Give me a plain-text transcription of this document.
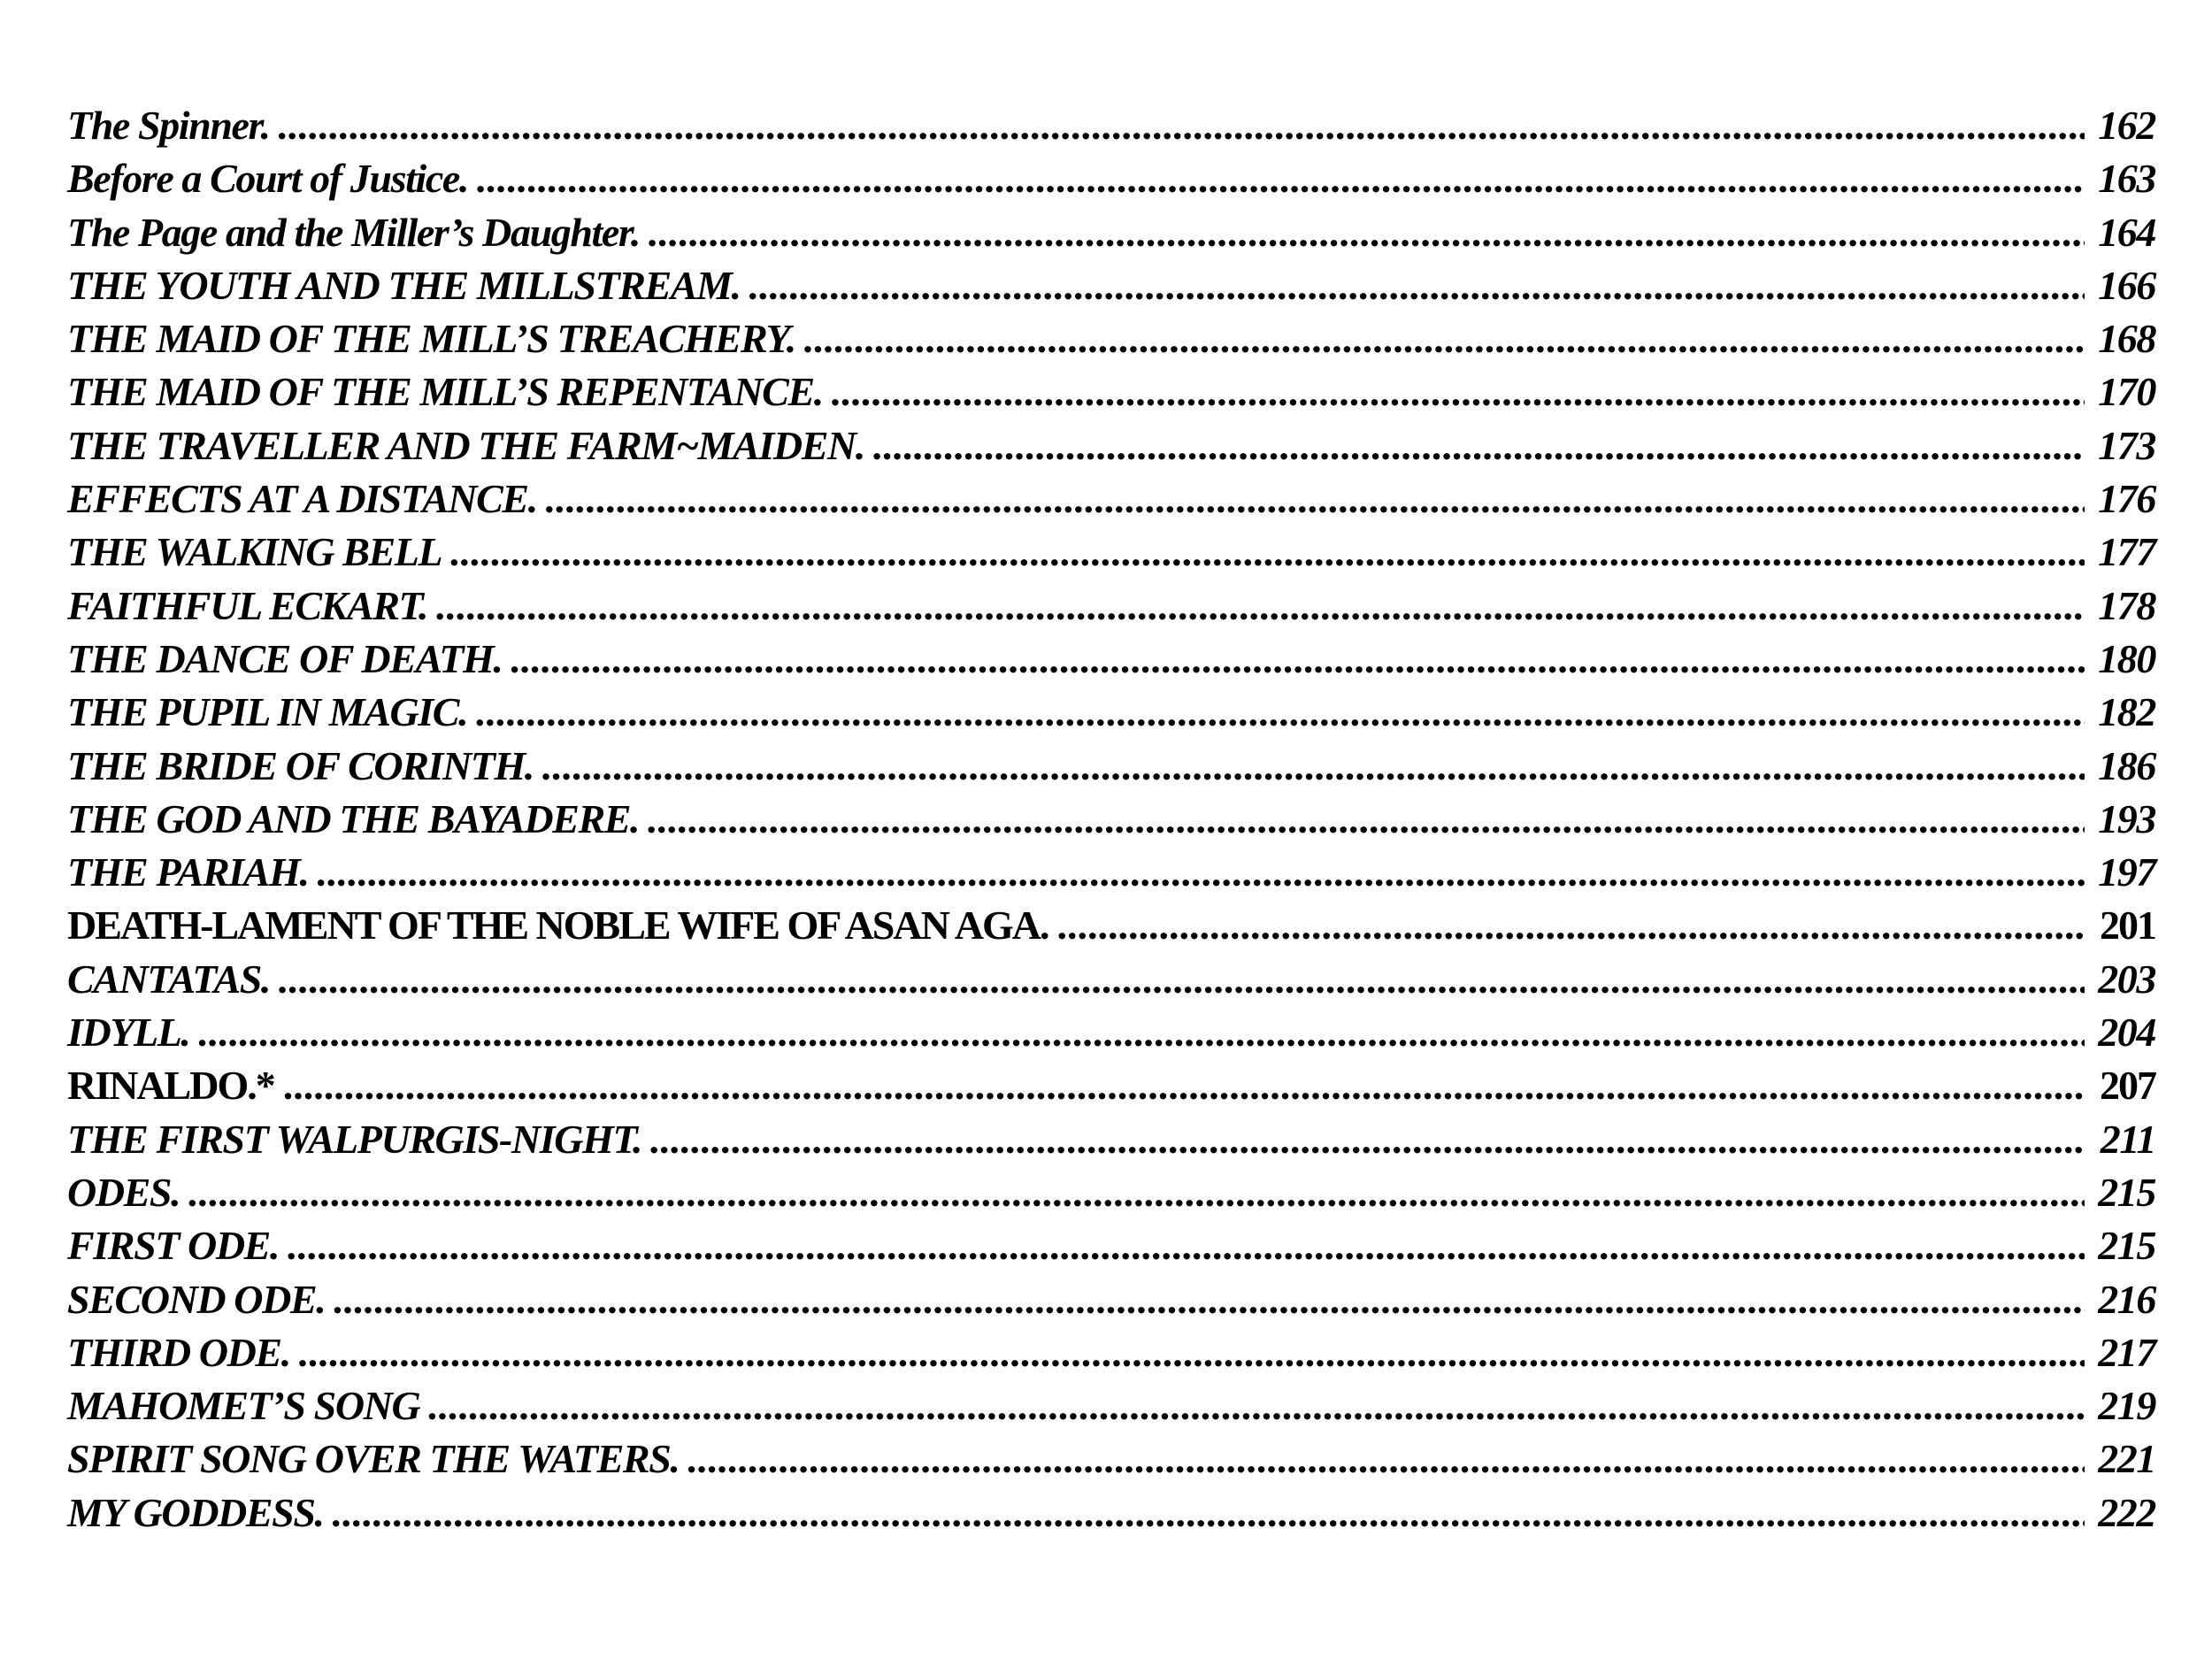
The Spinner. .....	162
Before a Court of Justice. .....	163
The Page and the Miller’s Daughter. .....	164
THE YOUTH AND THE MILLSTREAM. .....	166
THE MAID OF THE MILL’S TREACHERY. .....	168
THE MAID OF THE MILL’S REPENTANCE. .....	170
THE TRAVELLER AND THE FARM~MAIDEN. .....	173
EFFECTS AT A DISTANCE. .....	176
THE WALKING BELL .....	177
FAITHFUL ECKART. .....	178
THE DANCE OF DEATH. .....	180
THE PUPIL IN MAGIC. .....	182
THE BRIDE OF CORINTH. .....	186
THE GOD AND THE BAYADERE. .....	193
THE PARIAH. .....	197
DEATH-LAMENT OF THE NOBLE WIFE OF ASAN AGA. .....	201
CANTATAS. .....	203
IDYLL. .....	204
RINALDO.* .....	207
THE FIRST WALPURGIS-NIGHT. .....	211
ODES. .....	215
FIRST ODE. .....	215
SECOND ODE. .....	216
THIRD ODE. .....	217
MAHOMET’S SONG .....	219
SPIRIT SONG OVER THE WATERS. .....	221
MY GODDESS. .....	222
